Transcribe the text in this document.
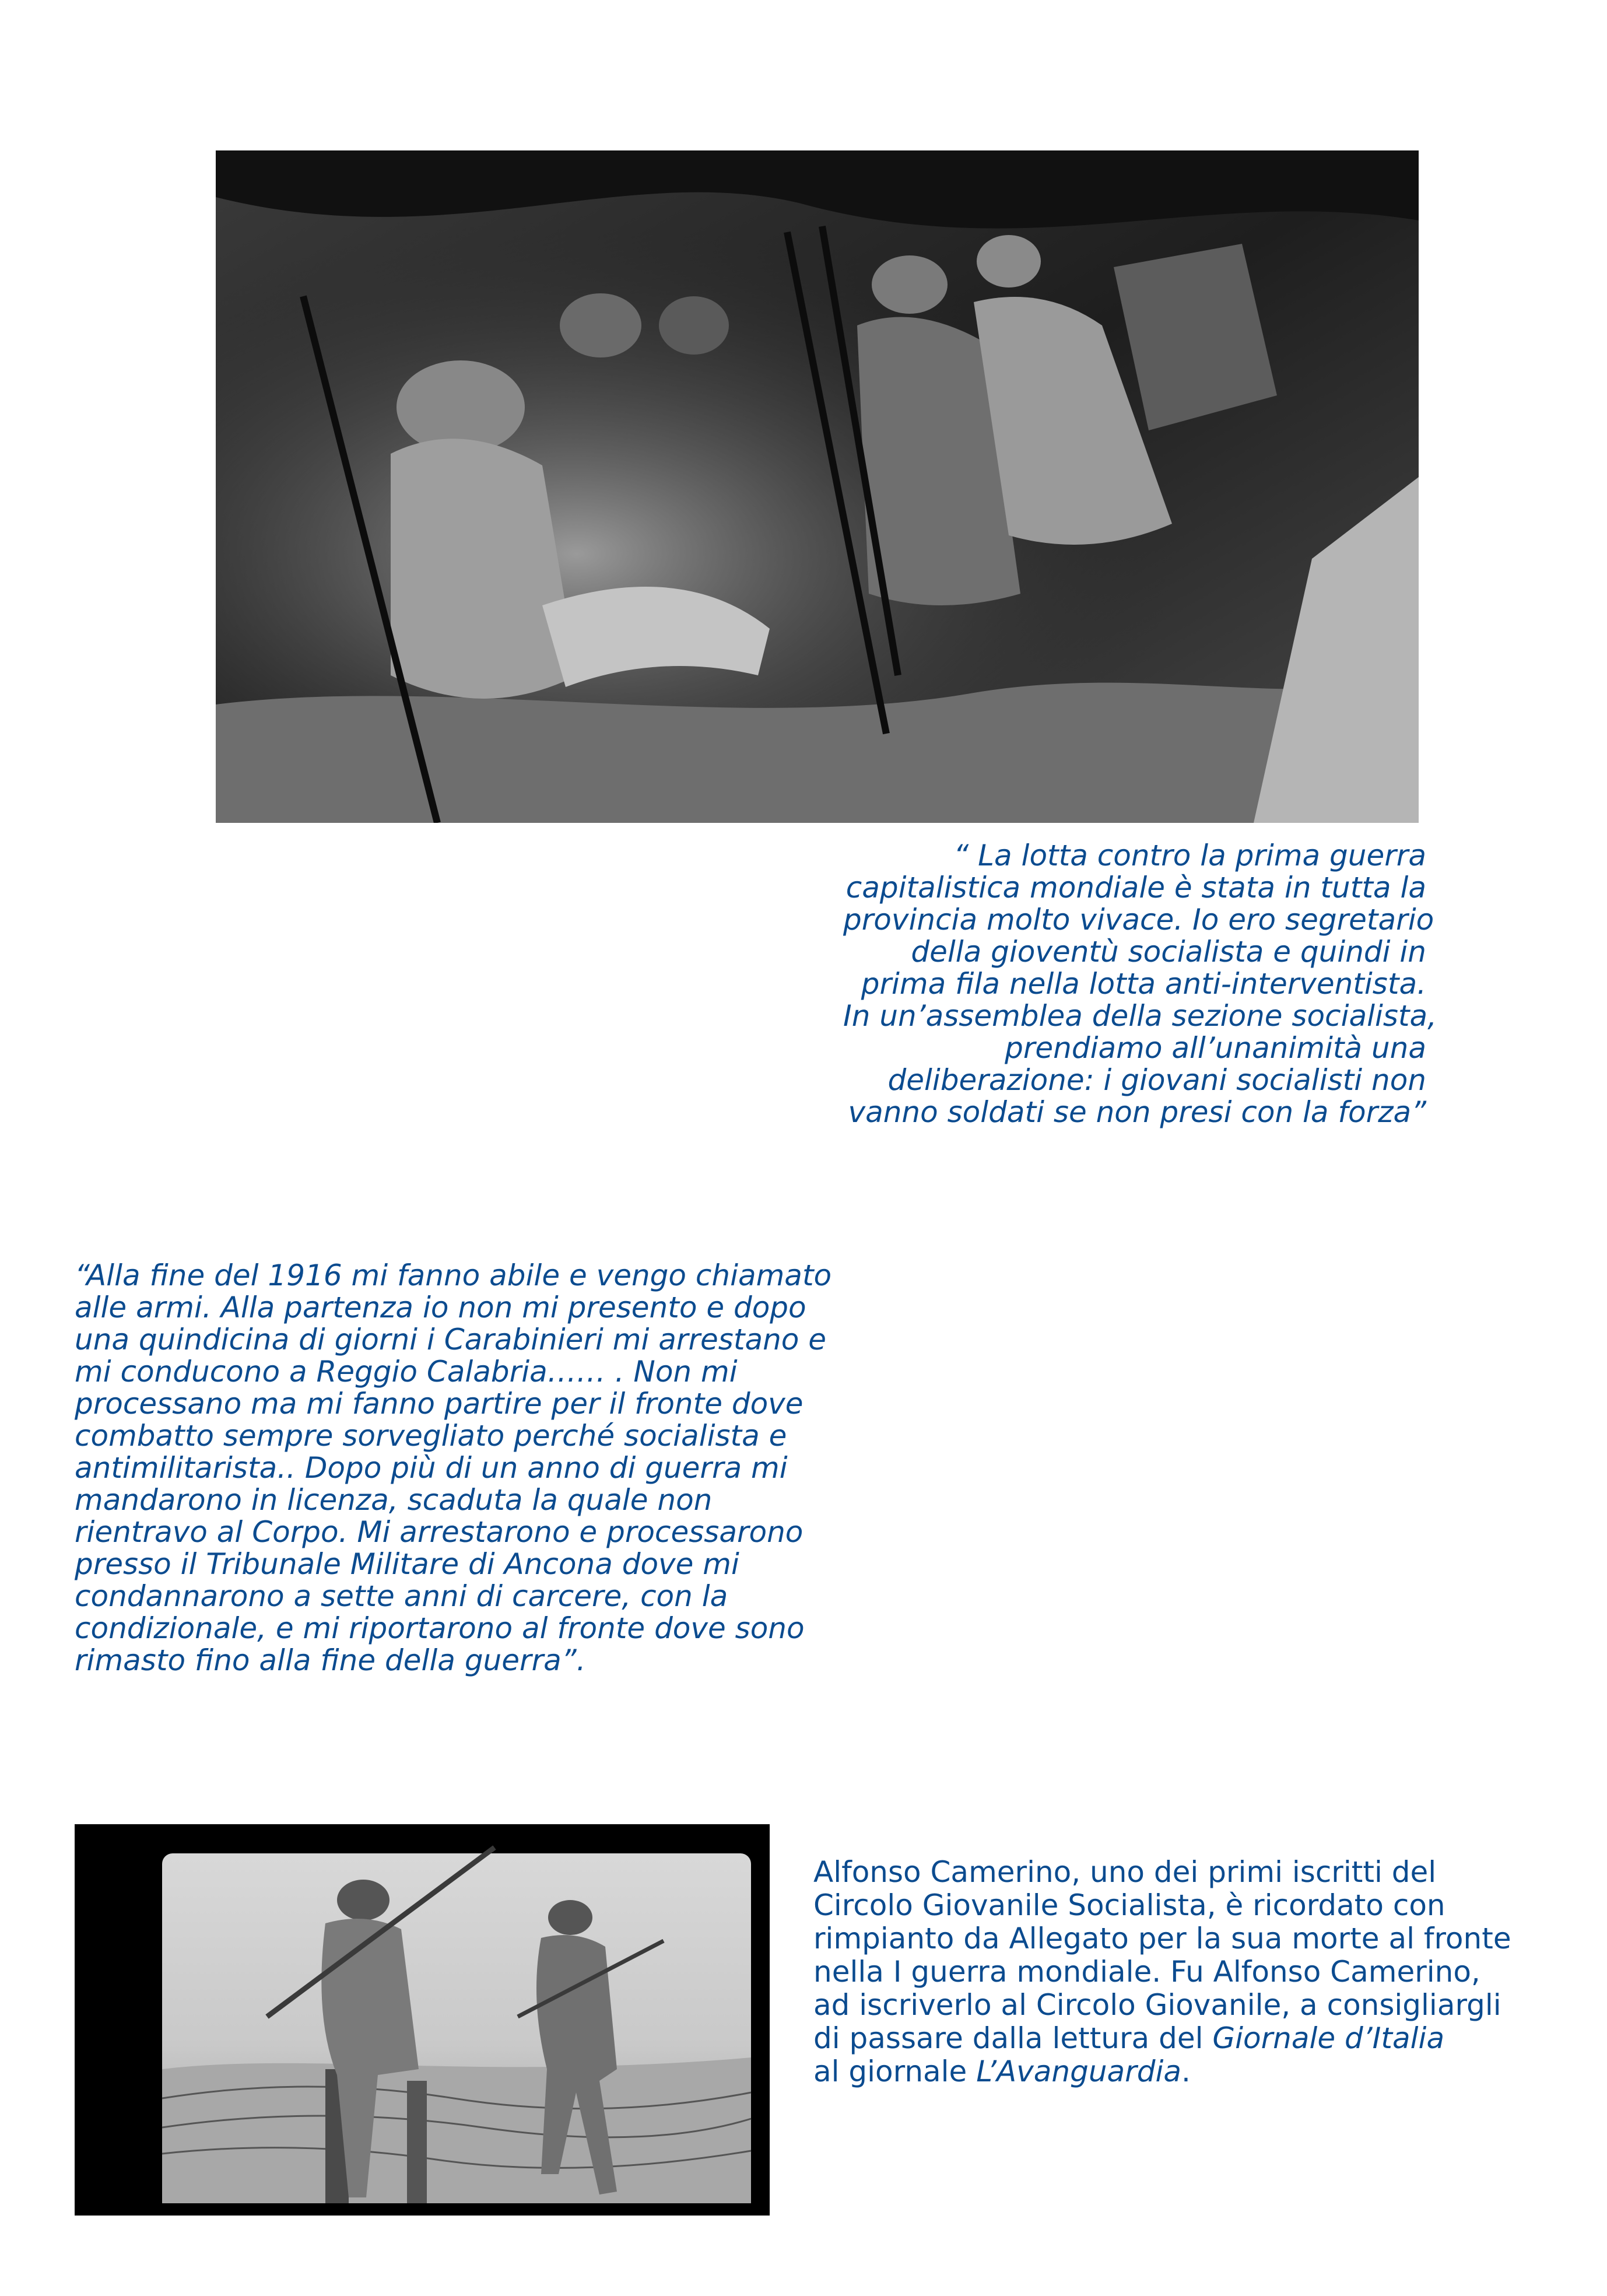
“ La lotta contro la prima guerra
capitalistica mondiale è stata in tutta la
provincia molto vivace. Io ero segretario
della gioventù socialista e quindi in
prima fila nella lotta anti-interventista.
In un’assemblea della sezione socialista,
prendiamo all’unanimità una
deliberazione: i giovani socialisti non
vanno soldati se non presi con la forza”
“Alla fine del 1916 mi fanno abile e vengo chiamato
alle armi. Alla partenza io non mi presento e dopo
una quindicina di giorni i Carabinieri mi arrestano e
mi conducono a Reggio Calabria…… . Non mi
processano ma mi fanno partire per il fronte dove
combatto sempre sorvegliato perché socialista e
antimilitarista.. Dopo più di un anno di guerra mi
mandarono in licenza, scaduta la quale non
rientravo al Corpo. Mi arrestarono e processarono
presso il Tribunale Militare di Ancona dove mi
condannarono a sette anni di carcere, con la
condizionale, e mi riportarono al fronte dove sono
rimasto fino alla fine della guerra”.
Alfonso Camerino, uno dei primi iscritti del
Circolo Giovanile Socialista, è ricordato con
rimpianto da Allegato per la sua morte al fronte
nella I guerra mondiale. Fu Alfonso Camerino,
ad iscriverlo al Circolo Giovanile, a consigliargli
di passare dalla lettura del Giornale d’Italia
al giornale L’Avanguardia.
